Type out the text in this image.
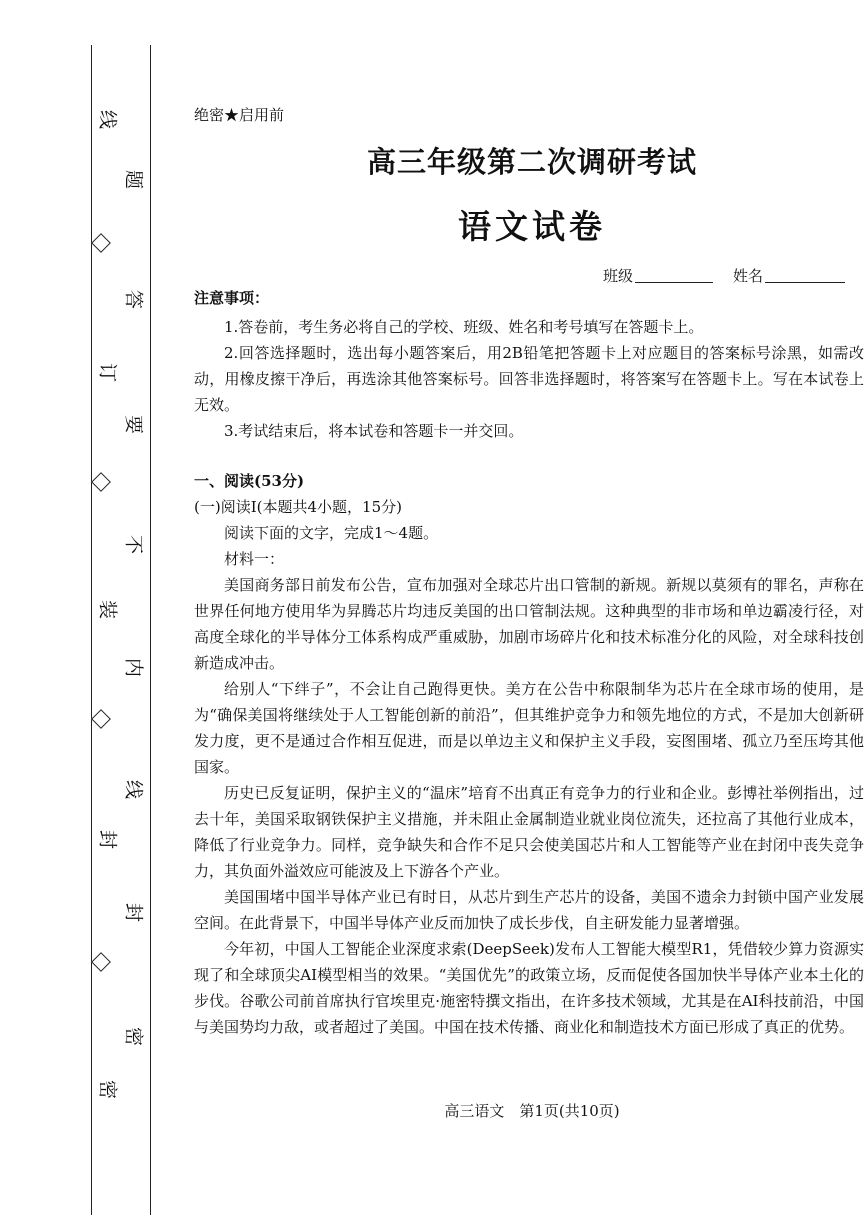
线
订
装
封
密
题
答
要
不
内
线
封
密
绝密★启用前
高三年级第二次调研考试
语文试卷
班级	姓名

注意事项：

1.答卷前，考生务必将自己的学校、班级、姓名和考号填写在答题卡上。

2.回答选择题时，选出每小题答案后，用2B铅笔把答题卡上对应题目的答案标号涂黑，如需改动，用橡皮擦干净后，再选涂其他答案标号。回答非选择题时，将答案写在答题卡上。写在本试卷上无效。

3.考试结束后，将本试卷和答题卡一并交回。

一、阅读(53分)

(一)阅读Ⅰ(本题共4小题，15分)

阅读下面的文字，完成1～4题。

材料一：

美国商务部日前发布公告，宣布加强对全球芯片出口管制的新规。新规以莫须有的罪名，声称在世界任何地方使用华为昇腾芯片均违反美国的出口管制法规。这种典型的非市场和单边霸凌行径，对高度全球化的半导体分工体系构成严重威胁，加剧市场碎片化和技术标准分化的风险，对全球科技创新造成冲击。

给别人“下绊子”，不会让自己跑得更快。美方在公告中称限制华为芯片在全球市场的使用，是为“确保美国将继续处于人工智能创新的前沿”，但其维护竞争力和领先地位的方式，不是加大创新研发力度，更不是通过合作相互促进，而是以单边主义和保护主义手段，妄图围堵、孤立乃至压垮其他国家。

历史已反复证明，保护主义的“温床”培育不出真正有竞争力的行业和企业。彭博社举例指出，过去十年，美国采取钢铁保护主义措施，并未阻止金属制造业就业岗位流失，还拉高了其他行业成本，降低了行业竞争力。同样，竞争缺失和合作不足只会使美国芯片和人工智能等产业在封闭中丧失竞争力，其负面外溢效应可能波及上下游各个产业。

美国围堵中国半导体产业已有时日，从芯片到生产芯片的设备，美国不遗余力封锁中国产业发展空间。在此背景下，中国半导体产业反而加快了成长步伐，自主研发能力显著增强。

今年初，中国人工智能企业深度求索(DeepSeek)发布人工智能大模型R1，凭借较少算力资源实现了和全球顶尖AI模型相当的效果。“美国优先”的政策立场，反而促使各国加快半导体产业本土化的步伐。谷歌公司前首席执行官埃里克·施密特撰文指出，在许多技术领域，尤其是在AI科技前沿，中国与美国势均力敌，或者超过了美国。中国在技术传播、商业化和制造技术方面已形成了真正的优势。

高三语文　第1页(共10页)
